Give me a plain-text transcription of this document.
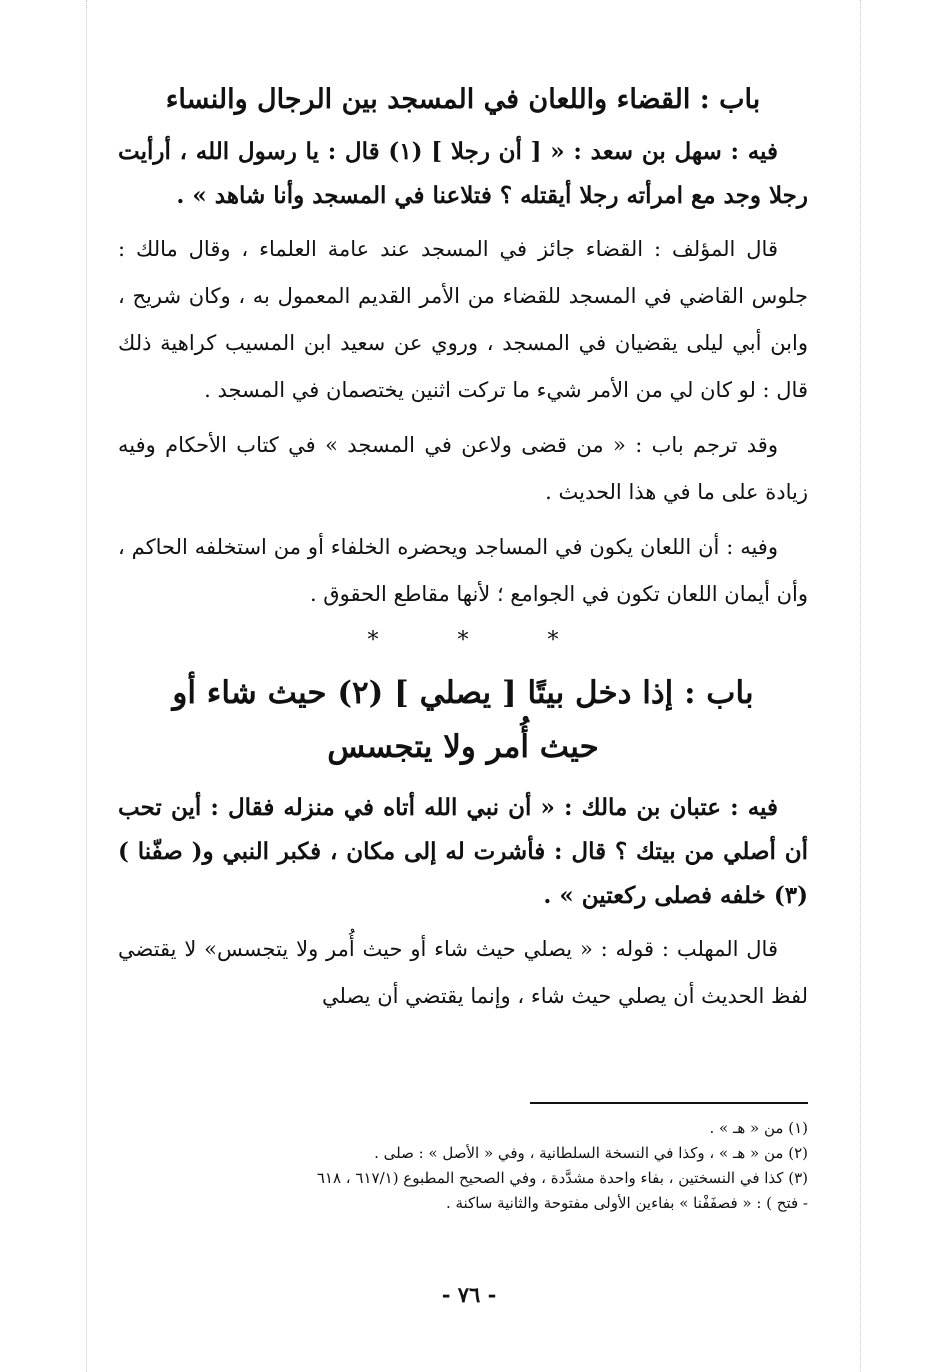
باب : القضاء واللعان في المسجد بين الرجال والنساء

فيه : سهل بن سعد : « [ أن رجلا ] (١) قال : يا رسول الله ، أرأيت رجلا وجد مع امرأته رجلا أيقتله ؟ فتلاعنا في المسجد وأنا شاهد » .

قال المؤلف : القضاء جائز في المسجد عند عامة العلماء ، وقال مالك : جلوس القاضي في المسجد للقضاء من الأمر القديم المعمول به ، وكان شريح ، وابن أبي ليلى يقضيان في المسجد ، وروي عن سعيد ابن المسيب كراهية ذلك قال : لو كان لي من الأمر شيء ما تركت اثنين يختصمان في المسجد .

وقد ترجم باب : « من قضى ولاعن في المسجد » في كتاب الأحكام وفيه زيادة على ما في هذا الحديث .

وفيه : أن اللعان يكون في المساجد ويحضره الخلفاء أو من استخلفه الحاكم ، وأن أيمان اللعان تكون في الجوامع ؛ لأنها مقاطع الحقوق .

*	*	*
باب : إذا دخل بيتًا [ يصلي ] (٢) حيث شاء أو
حيث أُمر ولا يتجسس

فيه : عتبان بن مالك : « أن نبي الله أتاه في منزله فقال : أين تحب أن أصلي من بيتك ؟ قال : فأشرت له إلى مكان ، فكبر النبي و( صفّنا )(٣) خلفه فصلى ركعتين » .

قال المهلب : قوله : « يصلي حيث شاء أو حيث أُمر ولا يتجسس» لا يقتضي لفظ الحديث أن يصلي حيث شاء ، وإنما يقتضي أن يصلي

(١) من « هـ » .
(٢) من « هـ » ، وكذا في النسخة السلطانية ، وفي « الأصل » : صلى .
(٣) كذا في النسختين ، بفاء واحدة مشدَّدة ، وفي الصحيح المطبوع (٦١٧/١ ، ٦١٨
- فتح ) : « فصفَفْنا » بفاءين الأولى مفتوحة والثانية ساكنة .
- ٧٦ -
